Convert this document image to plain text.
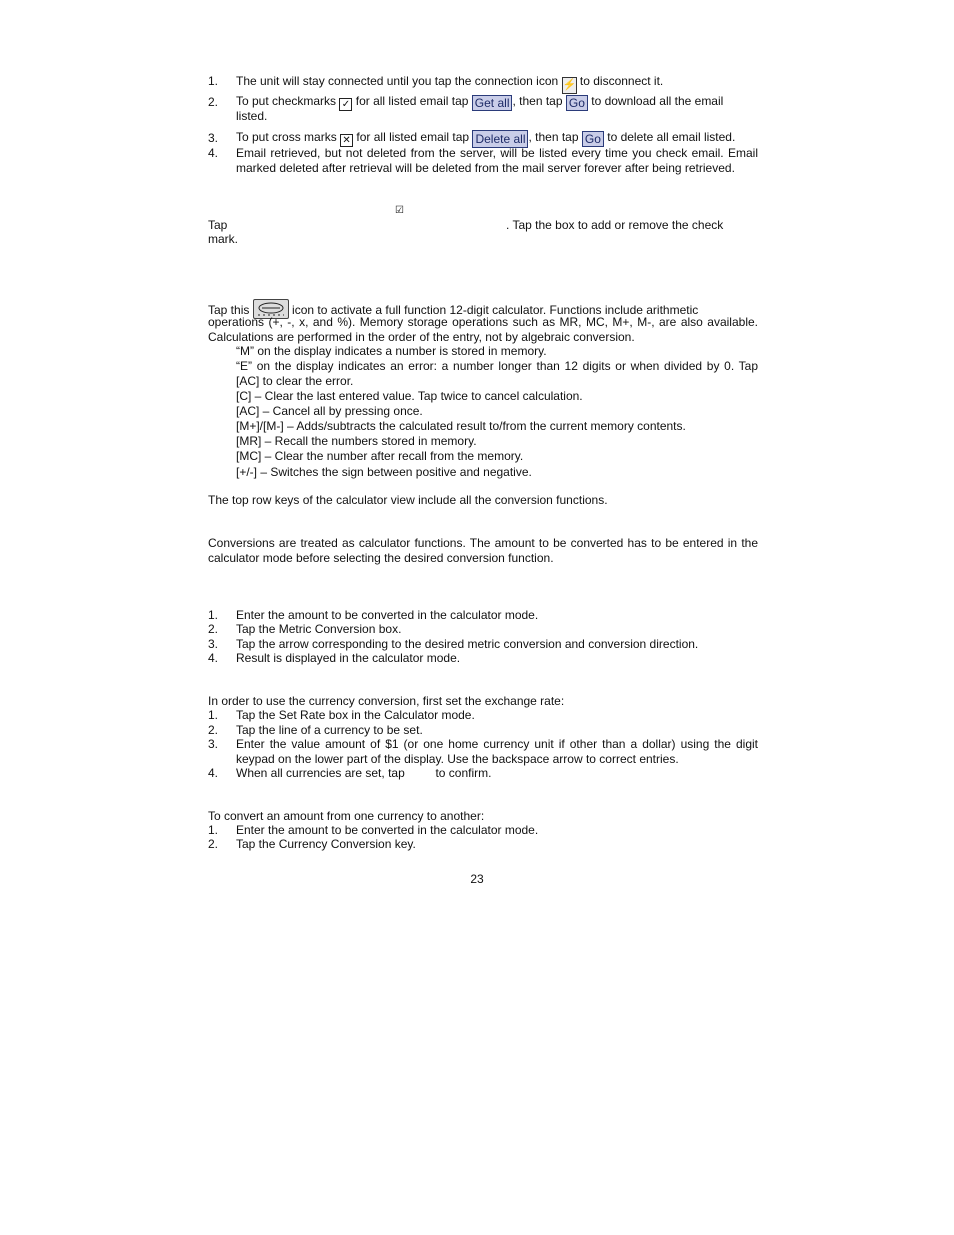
1. The unit will stay connected until you tap the connection icon ⚡ to disconnect it.
2. To put checkmarks ✓ for all listed email tap Get all , then tap Go to download all the email
listed.
3. To put cross marks ✕ for all listed email tap Delete all , then tap Go to delete all email listed.
4. Email retrieved, but not deleted from the server, will be listed every time you check email. Email marked deleted after retrieval will be deleted from the mail server forever after being retrieved.
☑
Tap	. Tap the box to add or remove the check
mark.
Tap this	icon to activate a full function 12-digit calculator. Functions include arithmetic
operations (+, -, x, and %). Memory storage operations such as MR, MC, M+, M-, are also available. Calculations are performed in the order of the entry, not by algebraic conversion.
“M” on the display indicates a number is stored in memory.
“E” on the display indicates an error: a number longer than 12 digits or when divided by 0. Tap [AC] to clear the error.
[C] – Clear the last entered value. Tap twice to cancel calculation.
[AC] – Cancel all by pressing once.
[M+]/[M-] – Adds/subtracts the calculated result to/from the current memory contents.
[MR] – Recall the numbers stored in memory.
[MC] – Clear the number after recall from the memory.
[+/-] – Switches the sign between positive and negative.
The top row keys of the calculator view include all the conversion functions.
Conversions are treated as calculator functions. The amount to be converted has to be entered in the calculator mode before selecting the desired conversion function.
1. Enter the amount to be converted in the calculator mode.
2. Tap the Metric Conversion box.
3. Tap the arrow corresponding to the desired metric conversion and conversion direction.
4. Result is displayed in the calculator mode.
In order to use the currency conversion, first set the exchange rate:
1. Tap the Set Rate box in the Calculator mode.
2. Tap the line of a currency to be set.
3. Enter the value amount of $1 (or one home currency unit if other than a dollar) using the digit keypad on the lower part of the display. Use the backspace arrow to correct entries.
4. When all currencies are set, tap	to confirm.
To convert an amount from one currency to another:
1. Enter the amount to be converted in the calculator mode.
2. Tap the Currency Conversion key.
23
